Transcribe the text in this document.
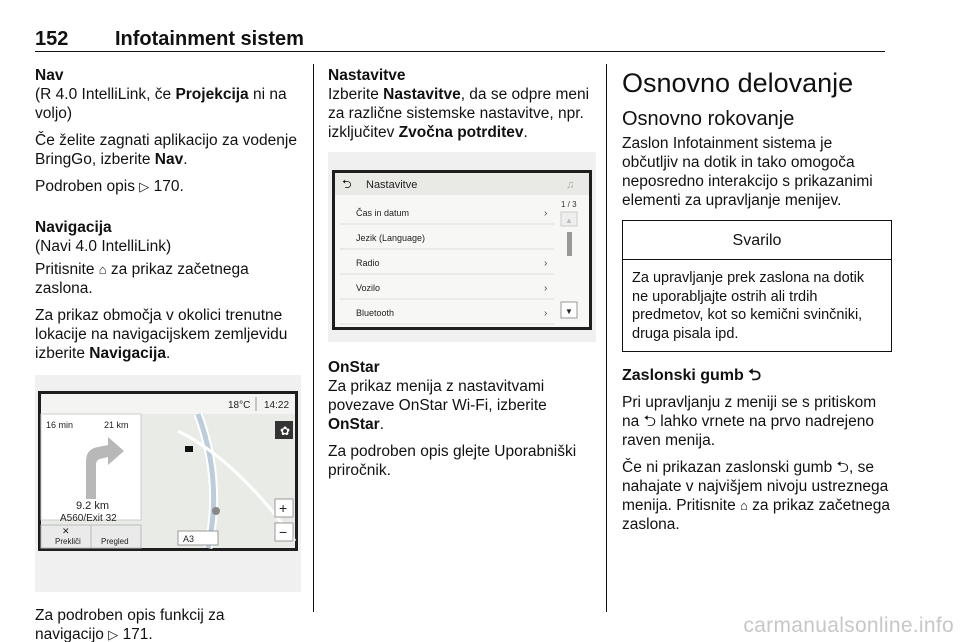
152 Infotainment sistem
Nav

(R 4.0 IntelliLink, če Projekcija ni na volјo)

Če želite zagnati aplikacijo za vodenje BringGo, izberite Nav.

Podroben opis ▷ 170.

Navigacija

(Navi 4.0 IntelliLink)

Pritisnite ⌂ za prikaz začetnega zaslona.

Za prikaz območja v okolici trenutne lokacije na navigacijskem zemljevidu izberite Navigacija.

18°C 14:22
16 min	21 km
9.2 km
A560/Exit 32
✿
+
−
Prekliči	Pregled
✕
A3

Za podroben opis funkcij za navigacijo ▷ 171.

Nastavitve

Izberite Nastavitve, da se odpre meni za različne sistemske nastavitve, npr. izklјučitev Zvočna potrditev.

⮌ Nastavitve	♫
Čas in datum	›
Jezik (Language)
Radio	›
Vozilo	›
Bluetooth	›
1 / 3
▲
▼
OnStar

Za prikaz menija z nastavitvami povezave OnStar Wi-Fi, izberite OnStar.

Za podroben opis glejte Uporabniški priročnik.

Osnovno delovanje
Osnovno rokovanje

Zaslon Infotainment sistema je občutlјiv na dotik in tako omogoča neposredno interakcijo s prikazanimi elementi za upravlјanje menijev.

Svarilo
Za upravlјanje prek zaslona na dotik ne uporablјajte ostrih ali trdih predmetov, kot so kemični svinčniki, druga pisala ipd.
Zaslonski gumb ⮌

Pri upravlјanju z meniji se s pritiskom na ⮌ lahko vrnete na prvo nadrejeno raven menija.

Če ni prikazan zaslonski gumb ⮌, se nahajate v najvišjem nivoju ustreznega menija. Pritisnite ⌂ za prikaz začetnega zaslona.

carmanualsonline.info
